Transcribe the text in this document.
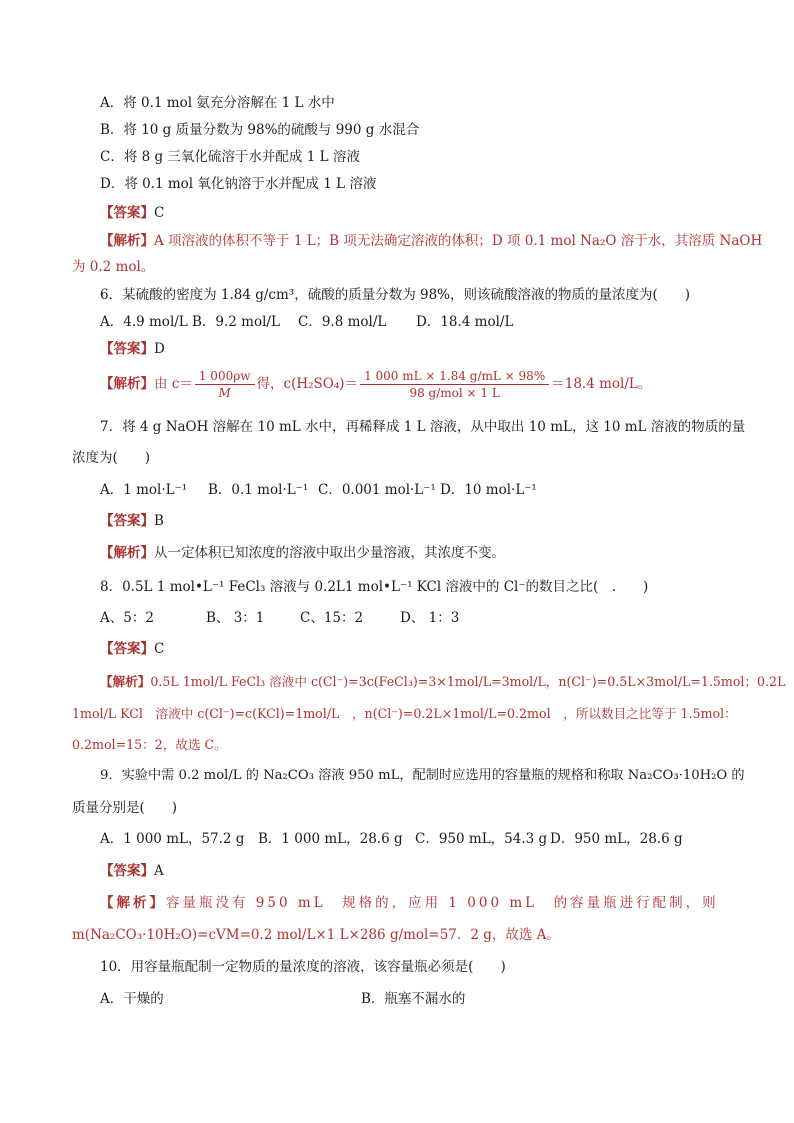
A．将 0.1 mol 氨充分溶解在 1 L 水中
B．将 10 g 质量分数为 98%的硫酸与 990 g 水混合
C．将 8 g 三氧化硫溶于水并配成 1 L 溶液
D．将 0.1 mol 氧化钠溶于水并配成 1 L 溶液
【答案】C
【解析】A 项溶液的体积不等于 1 L；B 项无法确定溶液的体积；D 项 0.1 mol Na₂O 溶于水，其溶质 NaOH
为 0.2 mol。
6．某硫酸的密度为 1.84 g/cm³，硫酸的质量分数为 98%，则该硫酸溶液的物质的量浓度为(　　)
A．4.9 mol/L B．9.2 mol/L C．9.8 mol/L D．18.4 mol/L
【答案】D
【解析】由 $c= \frac{1 000\rho w}{M}$ 得，$c(H_2SO_4)= \frac{1 000 mL \times 1.84 g/mL \times 98\%}{\text{98 g/mol × 1 L}} =18.4$ mol/L。
7．将 4 g NaOH 溶解在 10 mL 水中，再稀释成 1 L 溶液，从中取出 10 mL，这 10 mL 溶液的物质的量
浓度为(　　)
A．1 mol·L⁻¹ B．0.1 mol·L⁻¹ C．0.001 mol·L⁻¹ D．10 mol·L⁻¹
【答案】B
【解析】从一定体积已知浓度的溶液中取出少量溶液，其浓度不变。
8．0.5L 1 mol•L⁻¹ FeCl₃ 溶液与 0.2L1 mol•L⁻¹ KCl 溶液中的 Cl⁻的数目之比(　.　　)
A、5：2	B、 3：1	C、15：2	D、 1：3
【答案】C
【解析】0.5L 1mol/L FeCl₃ 溶液中 c(Cl⁻)=3c(FeCl₃)=3×1mol/L=3mol/L，n(Cl⁻)=0.5L×3mol/L=1.5mol；0.2L
1mol/L KCl　溶液中 c(Cl⁻)=c(KCl)=1mol/L　，n(Cl⁻)=0.2L×1mol/L=0.2mol　，所以数目之比等于 1.5mol：
0.2mol=15：2，故选 C。
9．实验中需 0.2 mol/L 的 Na₂CO₃ 溶液 950 mL，配制时应选用的容量瓶的规格和称取 Na₂CO₃·10H₂O 的
质量分别是(　　)
A．1 000 mL，57.2 g B．1 000 mL，28.6 g C．950 mL，54.3 g D．950 mL，28.6 g
【答案】A
【解析】容量瓶没有 950 mL　规格的，应用 1 000 mL　的容量瓶进行配制，则
m(Na₂CO₃·10H₂O)=cVM=0.2 mol/L×1 L×286 g/mol=57．2 g，故选 A。
10．用容量瓶配制一定物质的量浓度的溶液，该容量瓶必须是(　　)
A．干燥的	B．瓶塞不漏水的
